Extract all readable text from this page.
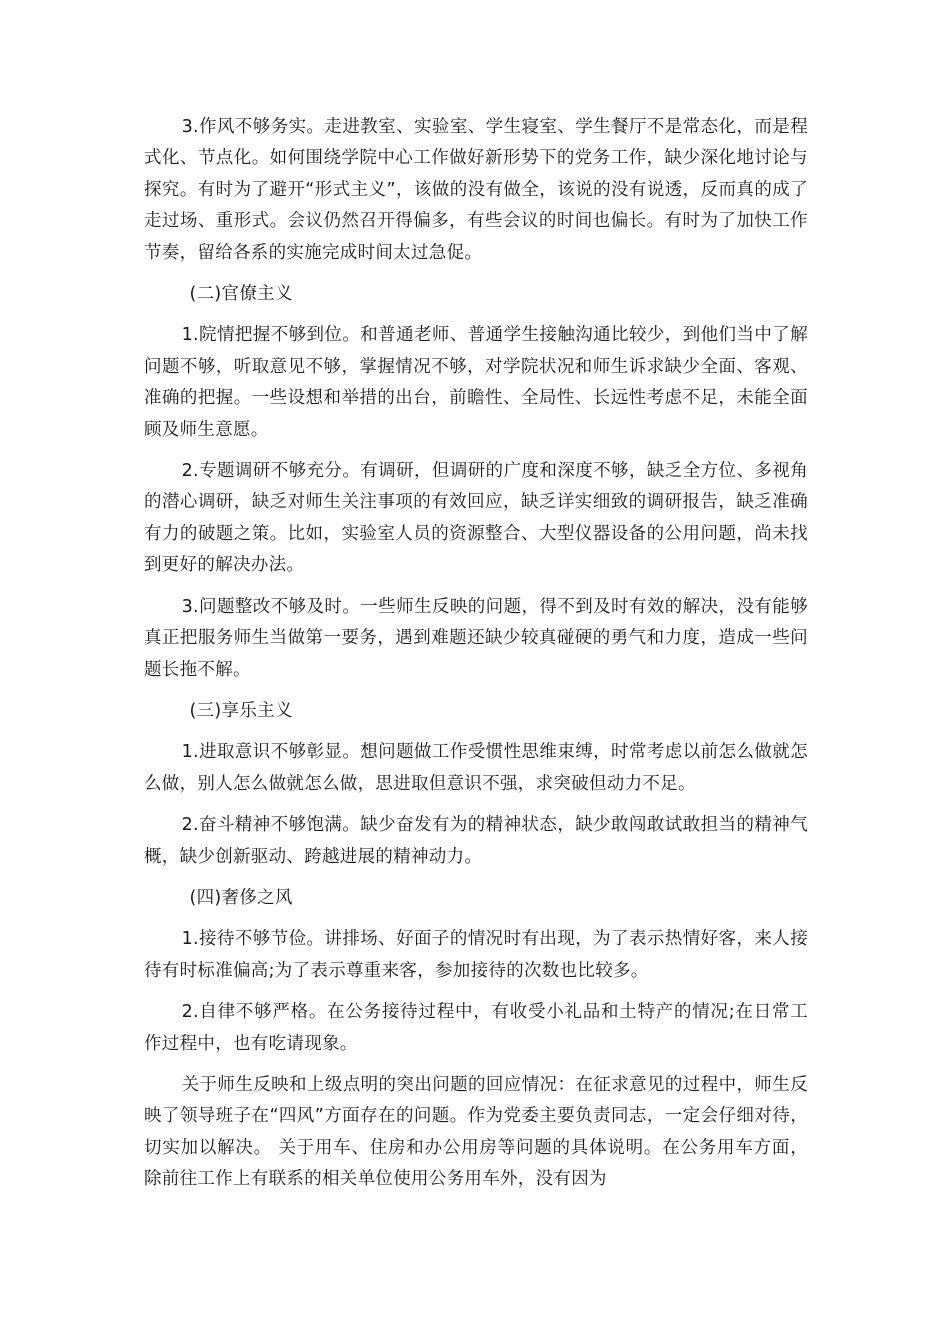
3.作风不够务实。走进教室、实验室、学生寝室、学生餐厅不是常态化，而是程式化、节点化。如何围绕学院中心工作做好新形势下的党务工作，缺少深化地讨论与探究。有时为了避开“形式主义”，该做的没有做全，该说的没有说透，反而真的成了走过场、重形式。会议仍然召开得偏多，有些会议的时间也偏长。有时为了加快工作节奏，留给各系的实施完成时间太过急促。

(二)官僚主义

1.院情把握不够到位。和普通老师、普通学生接触沟通比较少，到他们当中了解问题不够，听取意见不够，掌握情况不够，对学院状况和师生诉求缺少全面、客观、准确的把握。一些设想和举措的出台，前瞻性、全局性、长远性考虑不足，未能全面顾及师生意愿。

2.专题调研不够充分。有调研，但调研的广度和深度不够，缺乏全方位、多视角的潜心调研，缺乏对师生关注事项的有效回应，缺乏详实细致的调研报告，缺乏准确有力的破题之策。比如，实验室人员的资源整合、大型仪器设备的公用问题，尚未找到更好的解决办法。

3.问题整改不够及时。一些师生反映的问题，得不到及时有效的解决，没有能够真正把服务师生当做第一要务，遇到难题还缺少较真碰硬的勇气和力度，造成一些问题长拖不解。

(三)享乐主义

1.进取意识不够彰显。想问题做工作受惯性思维束缚，时常考虑以前怎么做就怎么做，别人怎么做就怎么做，思进取但意识不强，求突破但动力不足。

2.奋斗精神不够饱满。缺少奋发有为的精神状态，缺少敢闯敢试敢担当的精神气概，缺少创新驱动、跨越进展的精神动力。

(四)奢侈之风

1.接待不够节俭。讲排场、好面子的情况时有出现，为了表示热情好客，来人接待有时标准偏高;为了表示尊重来客，参加接待的次数也比较多。

2.自律不够严格。在公务接待过程中，有收受小礼品和土特产的情况;在日常工作过程中，也有吃请现象。

关于师生反映和上级点明的突出问题的回应情况：在征求意见的过程中，师生反映了领导班子在“四风”方面存在的问题。作为党委主要负责同志，一定会仔细对待，切实加以解决。 关于用车、住房和办公用房等问题的具体说明。在公务用车方面，除前往工作上有联系的相关单位使用公务用车外，没有因为
